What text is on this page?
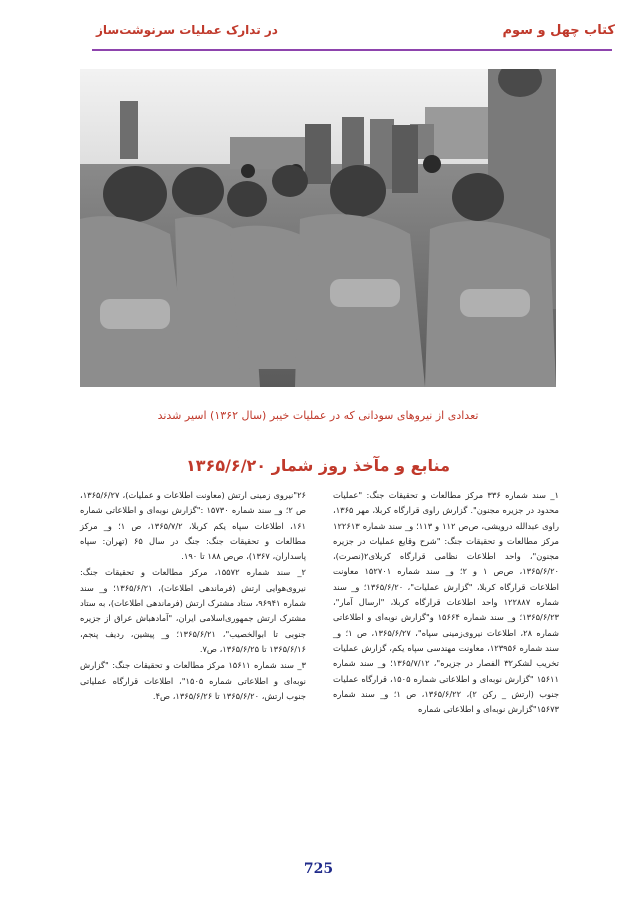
کتاب چهل و سوم
در تدارک عملیات سرنوشت‌ساز
تعدادی از نیروهای سودانی که در عملیات خیبر (سال ۱۳۶۲) اسیر شدند
منابع و مآخذ روز شمار ۱۳۶۵/۶/۲۰

۱_ سند شماره ۳۳۶ مرکز مطالعات و تحقیقات جنگ: "عملیات محدود در جزیره مجنون". گزارش راوی قرارگاه کربلا، مهر ۱۳۶۵، راوی عبدالله درویشی، ص‌ص ۱۱۲ و ۱۱۳؛ و_ سند شماره ۱۲۲۶۱۳ مرکز مطالعات و تحقیقات جنگ: "شرح وقایع عملیات در جزیره مجنون"، واحد اطلاعات نظامی قرارگاه کربلای۲(نصرت)، ۱۳۶۵/۶/۲۰، ص‌ص ۱ و ۲؛ و_ سند شماره ۱۵۲۷۰۱ معاونت اطلاعات قرارگاه کربلا، "گزارش عملیات"، ۱۳۶۵/۶/۲۰؛ و_ سند شماره ۱۲۲۸۸۷ واحد اطلاعات قرارگاه کربلا، "ارسال آمار"، ۱۳۶۵/۶/۲۳؛ و_ سند شماره ۱۵۶۶۴ و"گزارش نوبه‌ای و اطلاعاتی شماره ۲۸، اطلاعات نیروی‌زمینی سپاه"، ۱۳۶۵/۶/۲۷، ص ۱؛ و_ سند شماره ۱۲۳۹۵۶، معاونت مهندسی سپاه یکم، گزارش عملیات تخریب لشکر۳۲ الفصار در جزیره"، ۱۳۶۵/۷/۱۲؛ و_ سند شماره ۱۵۶۱۱ "گزارش نوبه‌ای و اطلاعاتی شماره ۱۵۰۵، قرارگاه عملیات جنوب (ارتش _ رکن ۲)، ۱۳۶۵/۶/۲۲، ص ۱؛ و_ سند شماره ۱۵۶۷۳"گزارش نوبه‌ای و اطلاعاتی شماره

۲۶"نیروی زمینی ارتش (معاونت اطلاعات و عملیات)، ۱۳۶۵/۶/۲۷، ص ۲؛ و_ سند شماره ۱۵۷۳۰ :"گزارش نوبه‌ای و اطلاعاتی شماره ۱۶۱، اطلاعات سپاه یکم کربلا، ۱۳۶۵/۷/۲، ص ۱؛ و_ مرکز مطالعات و تحقیقات جنگ: جنگ در سال ۶۵ (تهران: سپاه پاسداران، ۱۳۶۷)، ص‌ص ۱۸۸ تا ۱۹۰.

۲_ سند شماره ۱۵۵۷۲، مرکز مطالعات و تحقیقات جنگ: نیروی‌هوایی ارتش (فرماندهی اطلاعات)، ۱۳۶۵/۶/۲۱؛ و_ سند شماره ۹۶۹۴۱، ستاد مشترک ارتش (فرماندهی اطلاعات)، به ستاد مشترک ارتش جمهوری‌اسلامی ایران، "آمادهباش عراق از جزیره جنوبی تا ابوالخصیب"، ۱۳۶۵/۶/۲۱؛ و_ پیشین، ردیف پنجم، ۱۳۶۵/۶/۱۶ تا ۱۳۶۵/۶/۲۵، ص۷.

۳_ سند شماره ۱۵۶۱۱ مرکز مطالعات و تحقیقات جنگ: "گزارش نوبه‌ای و اطلاعاتی شماره ۱۵۰۵"، اطلاعات قرارگاه عملیاتی جنوب ارتش، ۱۳۶۵/۶/۲۰ تا ۱۳۶۵/۶/۲۶، ص۴.

725
